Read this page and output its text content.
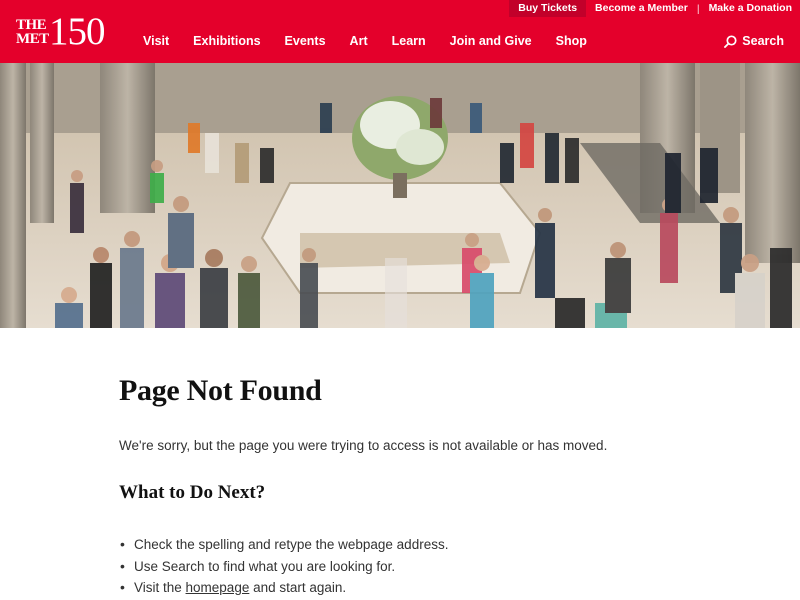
Buy Tickets	Become a Member | Make a Donation
THE
MET 150	Visit Exhibitions Events Art Learn Join and Give Shop	Search
Page Not Found

We're sorry, but the page you were trying to access is not available or has moved.

What to Do Next?
• Check the spelling and retype the webpage address.
• Use Search to find what you are looking for.
• Visit the homepage and start again.
